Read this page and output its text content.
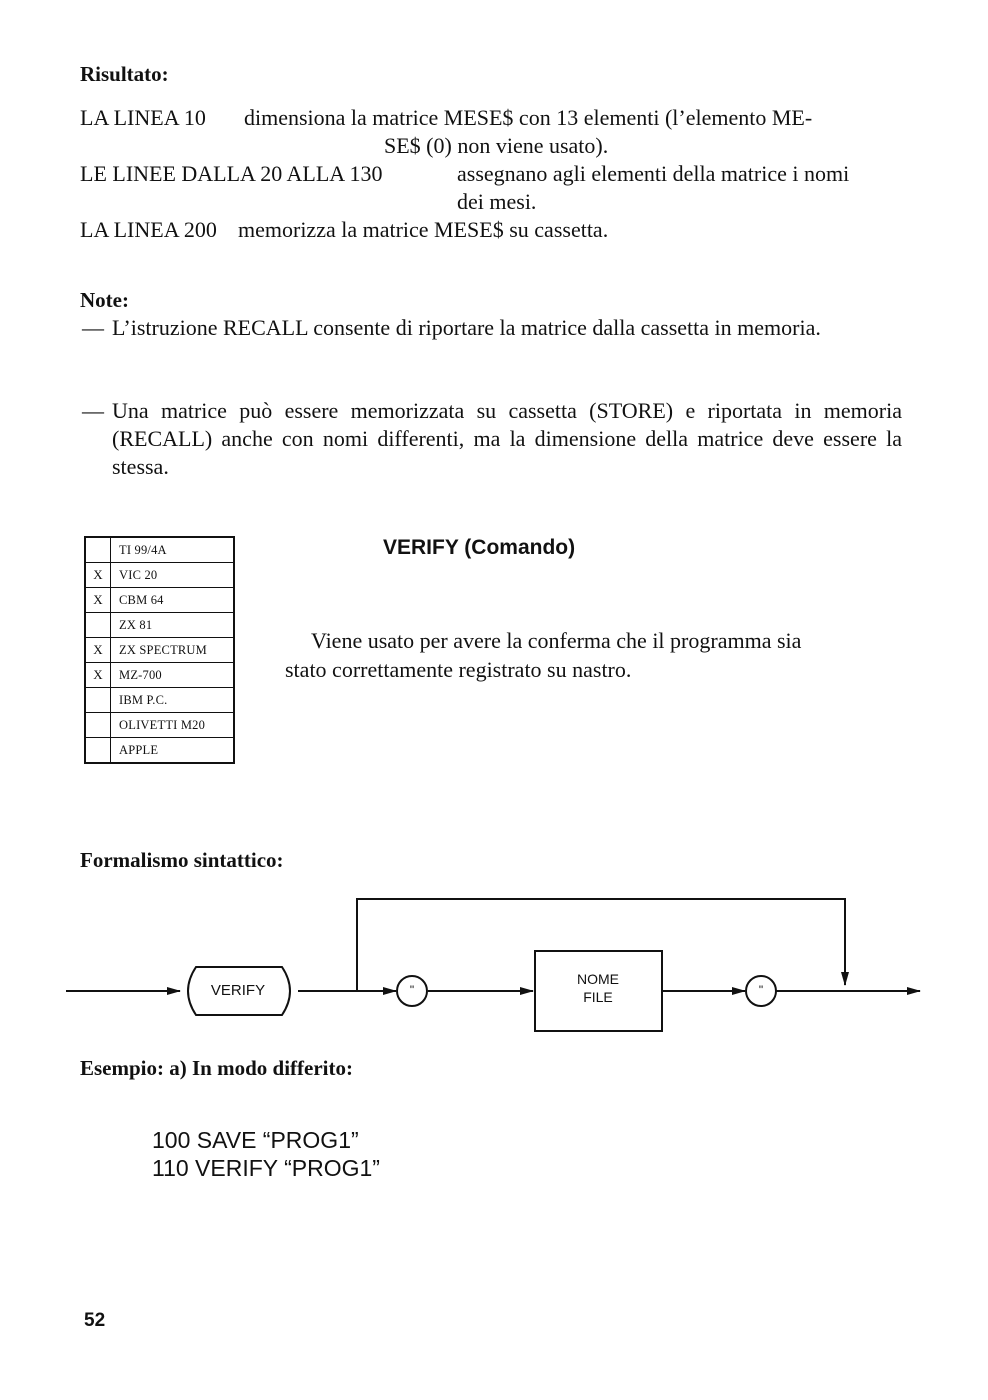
Risultato:
LA LINEA 10 dimensiona la matrice MESE$ con 13 elementi (l’elemento ME-
SE$ (0) non viene usato).
LE LINEE DALLA 20 ALLA 130	assegnano agli elementi della matrice i nomi
dei mesi.
LA LINEA 200 memorizza la matrice MESE$ su cassetta.
Note:
— L’istruzione RECALL consente di riportare la matrice dalla cassetta in memoria.
— Una matrice può essere memorizzata su cassetta (STORE) e riportata in memoria (RECALL) anche con nomi differenti, ma la dimensione della matrice deve essere la stessa.
	TI 99/4A
X	VIC 20
X	CBM 64
	ZX 81
X	ZX SPECTRUM
X	MZ-700
	IBM P.C.
	OLIVETTI M20
	APPLE
VERIFY (Comando)
Viene usato per avere la conferma che il programma sia
stato correttamente registrato su nastro.
Formalismo sintattico:
VERIFY	"
NOME
FILE	"
Esempio: a) In modo differito:
100 SAVE “PROG1”
110 VERIFY “PROG1”
52
